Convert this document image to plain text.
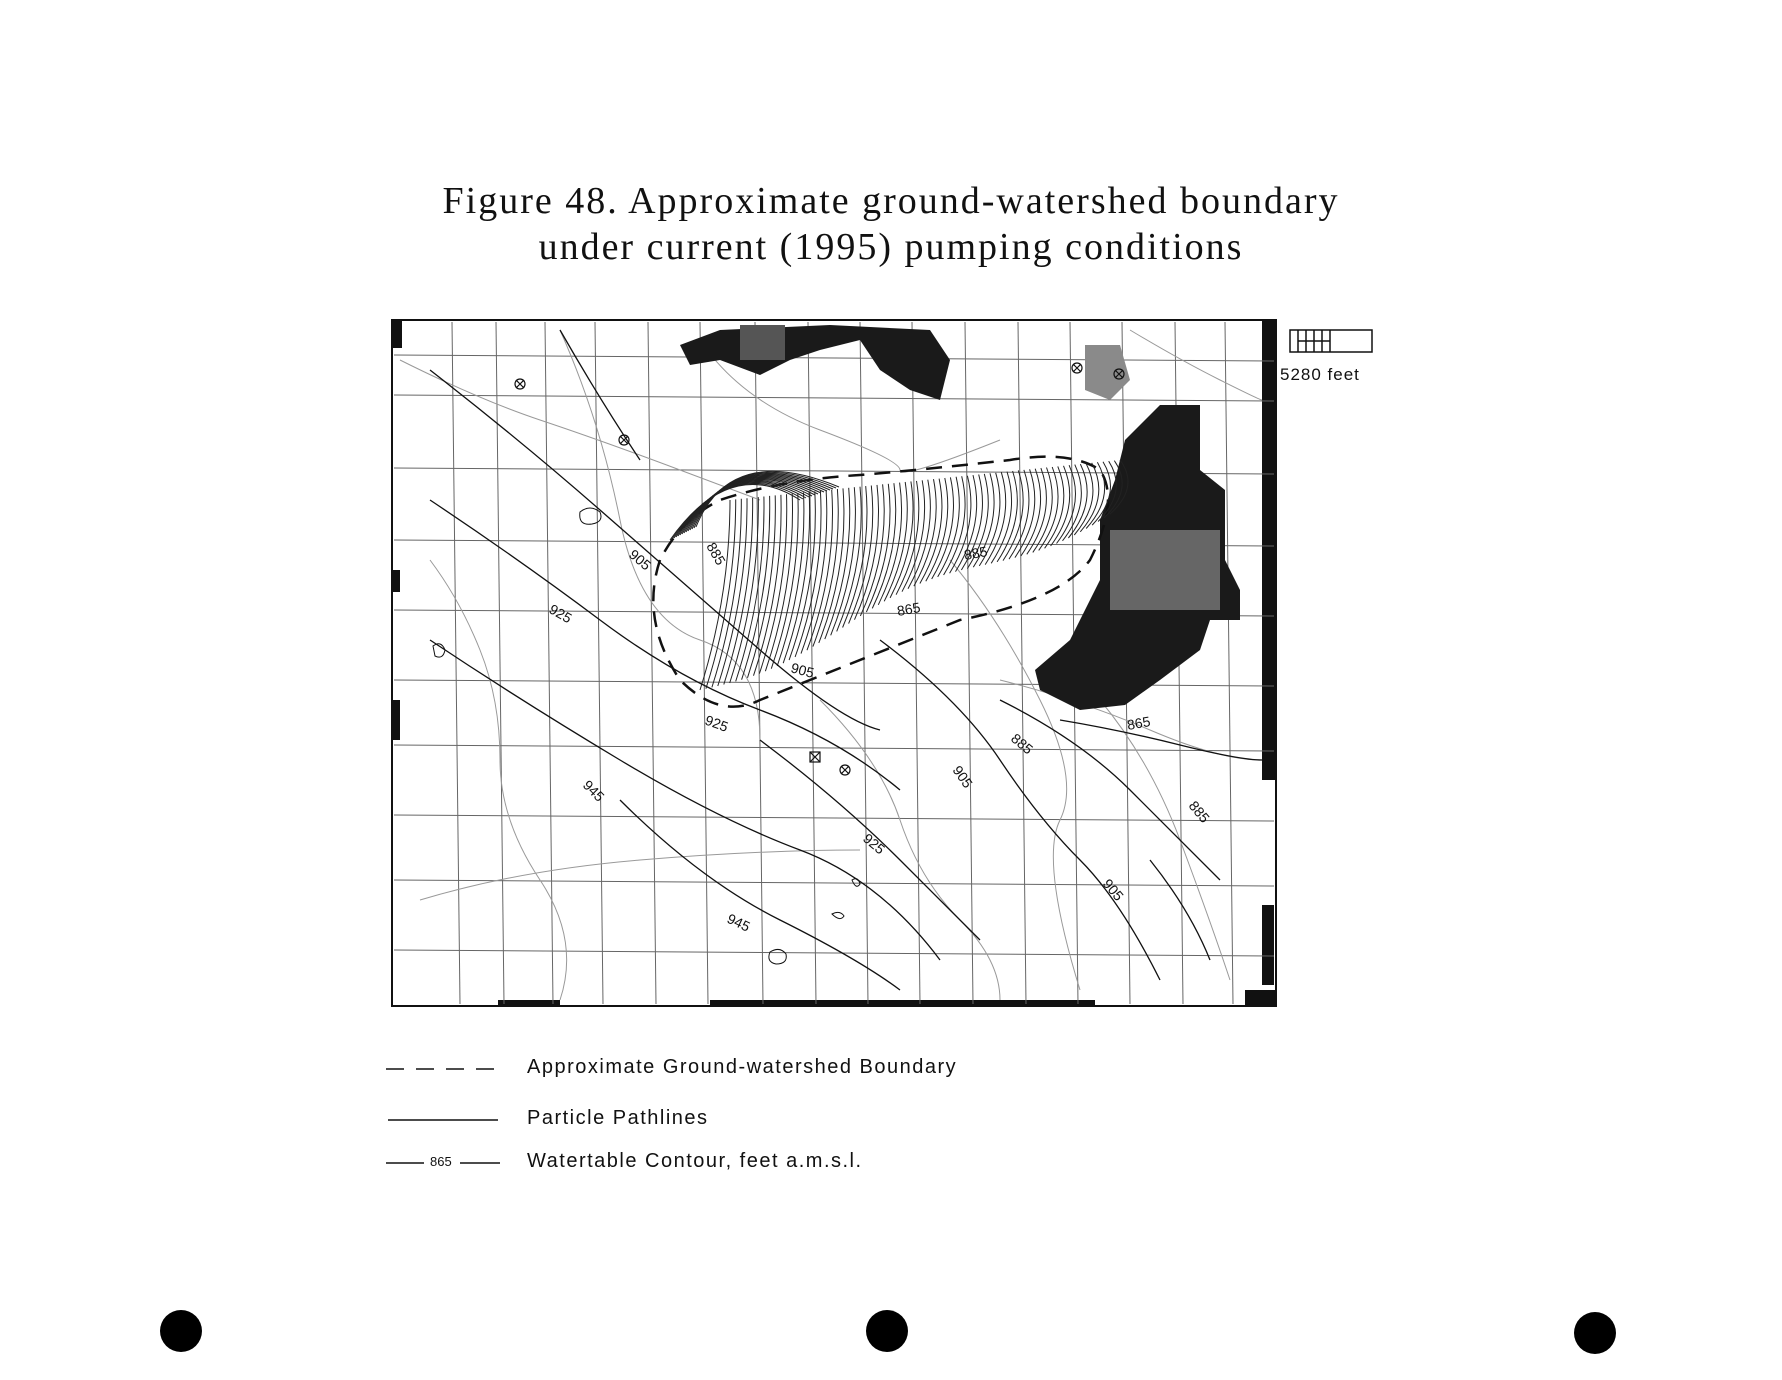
Figure 48. Approximate ground-watershed boundary
under current (1995) pumping conditions
905	885
925
885
865
905
925
885
865
945	905
885
925
905
945
5280 feet
Approximate Ground-watershed Boundary
Particle Pathlines
865	Watertable Contour, feet a.m.s.l.
